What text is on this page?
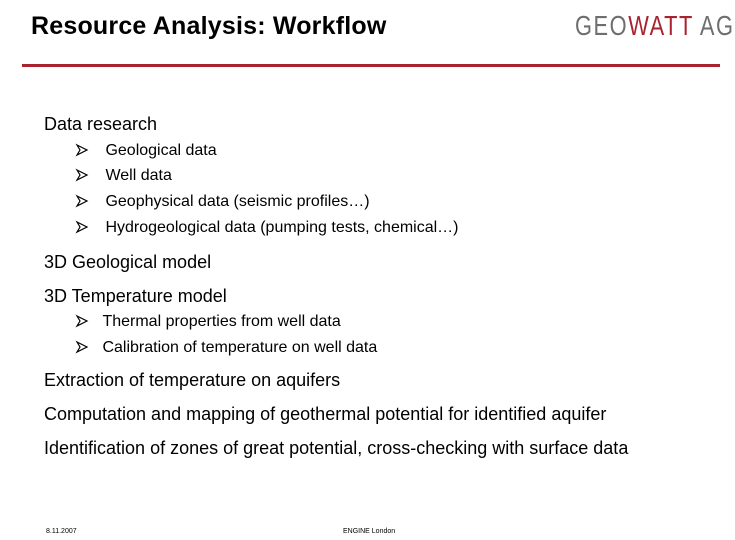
Resource Analysis: Workflow	GEOWATT AG
Data research
Geological data
Well data
Geophysical data (seismic profiles…)
Hydrogeological data (pumping tests, chemical…)
3D Geological model
3D Temperature model
Thermal properties from well data
Calibration of temperature on well data
Extraction of temperature on aquifers
Computation and mapping of geothermal potential for identified aquifer
Identification of zones of great potential, cross-checking with surface data
8.11.2007	ENGINE London
